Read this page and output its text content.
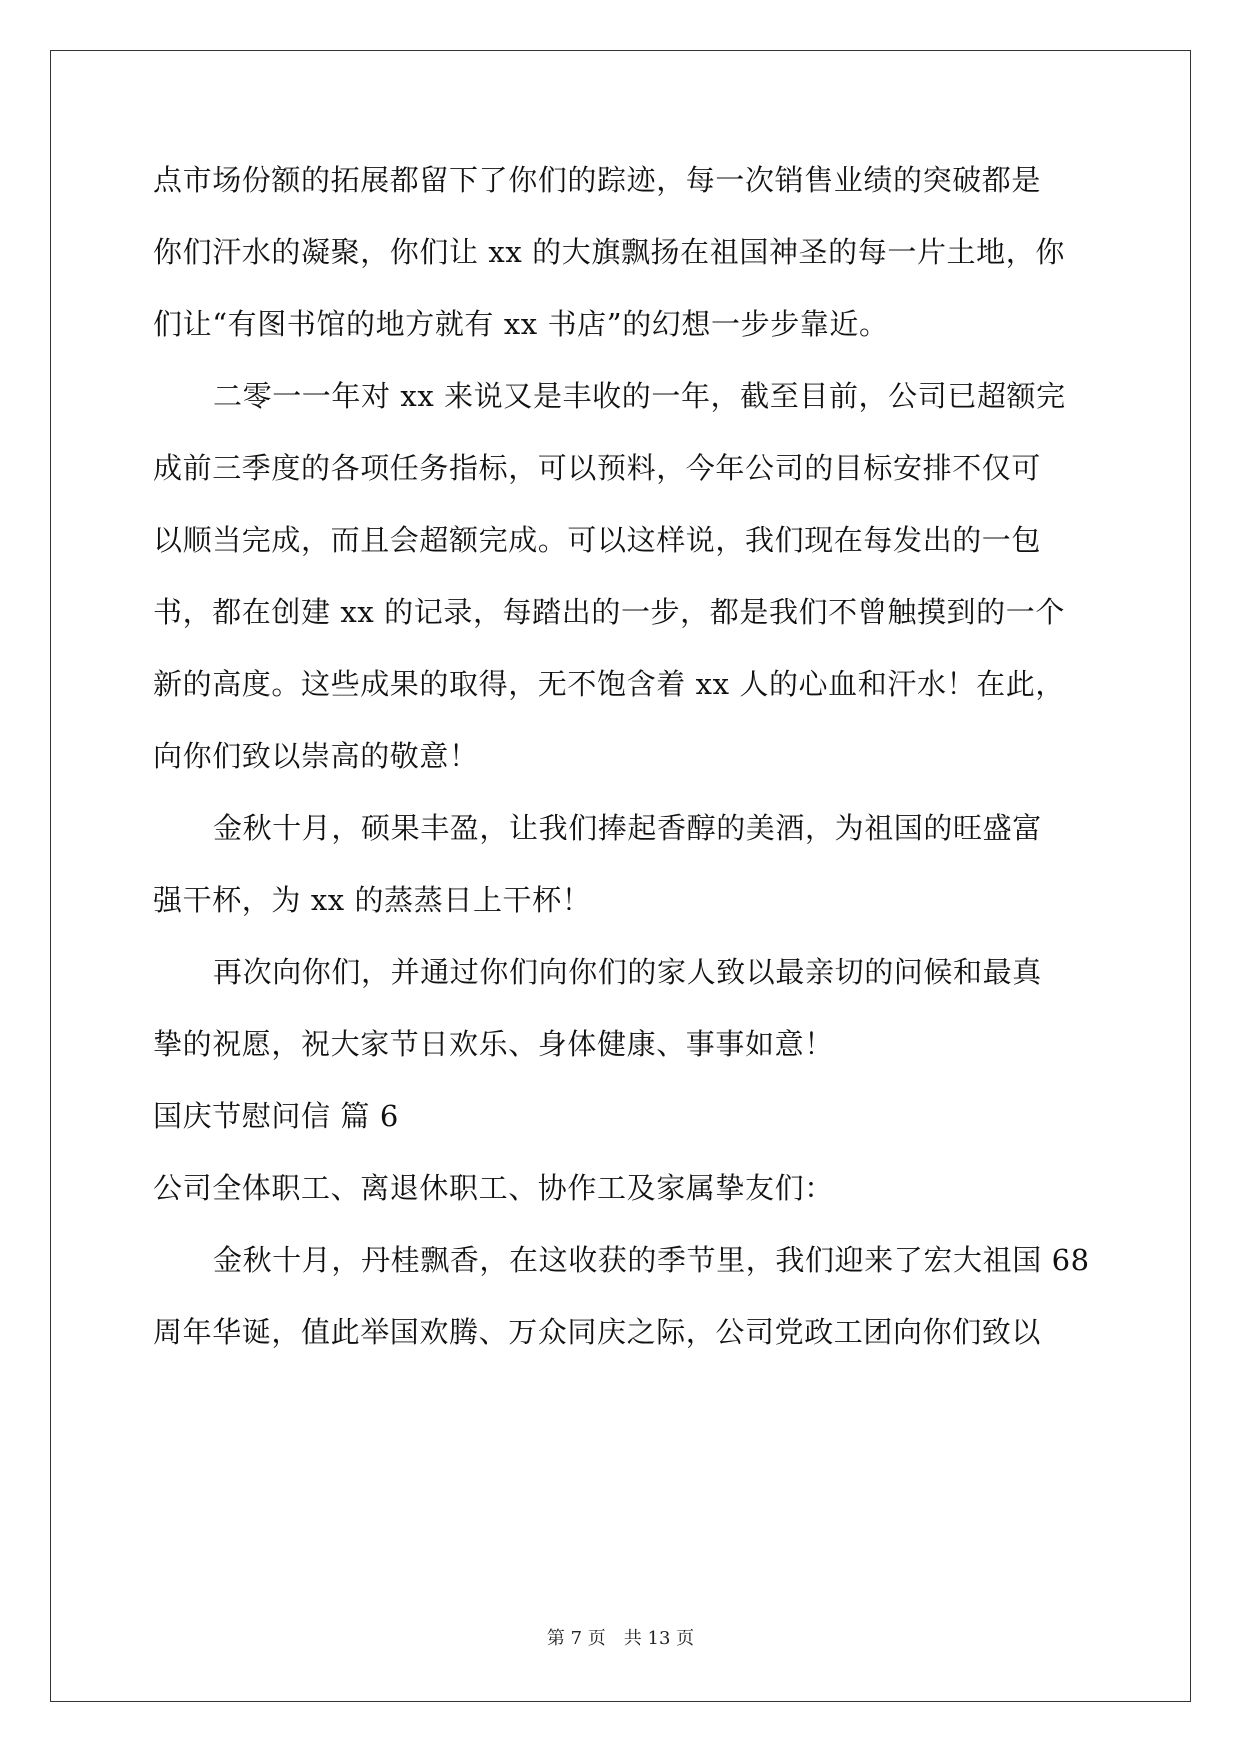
点市场份额的拓展都留下了你们的踪迹，每一次销售业绩的突破都是
你们汗水的凝聚，你们让 xx 的大旗飘扬在祖国神圣的每一片土地，你
们让“有图书馆的地方就有 xx 书店”的幻想一步步靠近。
二零一一年对 xx 来说又是丰收的一年，截至目前，公司已超额完
成前三季度的各项任务指标，可以预料，今年公司的目标安排不仅可
以顺当完成，而且会超额完成。可以这样说，我们现在每发出的一包
书，都在创建 xx 的记录，每踏出的一步，都是我们不曾触摸到的一个
新的高度。这些成果的取得，无不饱含着 xx 人的心血和汗水！在此，
向你们致以崇高的敬意！
金秋十月，硕果丰盈，让我们捧起香醇的美酒，为祖国的旺盛富
强干杯，为 xx 的蒸蒸日上干杯！
再次向你们，并通过你们向你们的家人致以最亲切的问候和最真
挚的祝愿，祝大家节日欢乐、身体健康、事事如意！
国庆节慰问信 篇 6
公司全体职工、离退休职工、协作工及家属挚友们：
金秋十月，丹桂飘香，在这收获的季节里，我们迎来了宏大祖国 68
周年华诞，值此举国欢腾、万众同庆之际，公司党政工团向你们致以
第 7 页　共 13 页
